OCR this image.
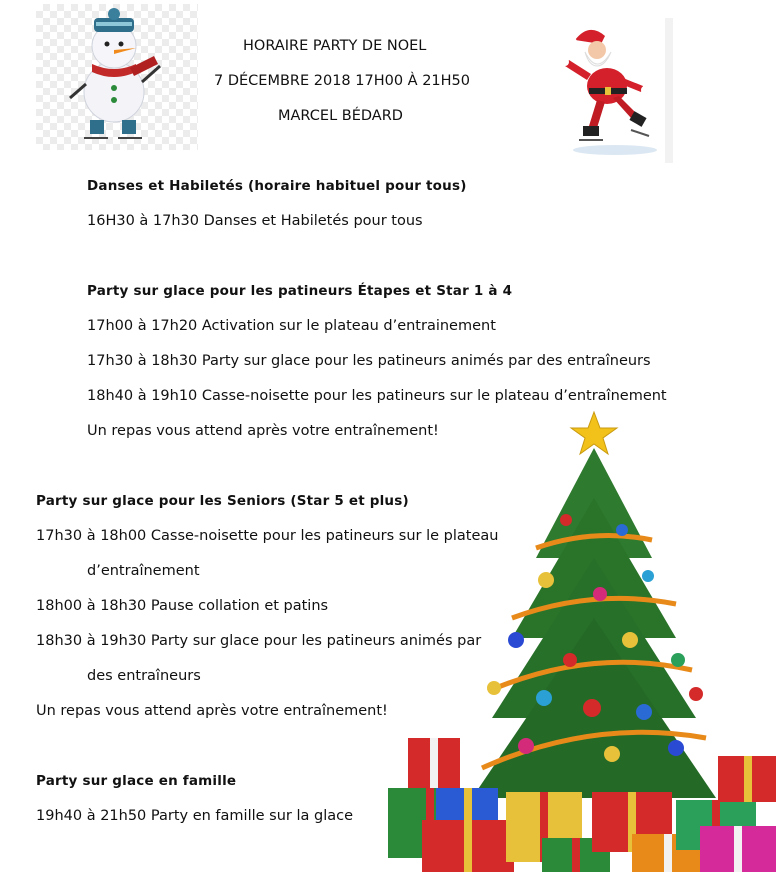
HORAIRE PARTY DE NOEL
7 DÉCEMBRE 2018 17H00 À 21H50
MARCEL BÉDARD
Danses et Habiletés (horaire habituel pour tous)
16H30 à 17h30 Danses et Habiletés pour tous
Party sur glace pour les patineurs Étapes et Star 1 à 4
17h00 à 17h20 Activation sur le plateau d’entrainement
17h30 à 18h30 Party sur glace pour les patineurs animés par des entraîneurs
18h40 à 19h10 Casse-noisette pour les patineurs sur le plateau d’entraînement
Un repas vous attend après votre entraînement!
Party sur glace pour les Seniors (Star 5 et plus)
17h30 à 18h00 Casse-noisette pour les patineurs sur le plateau
d’entraînement
18h00 à 18h30 Pause collation et patins
18h30 à 19h30 Party sur glace pour les patineurs animés par
des entraîneurs
Un repas vous attend après votre entraînement!
Party sur glace en famille
19h40 à 21h50 Party en famille sur la glace
